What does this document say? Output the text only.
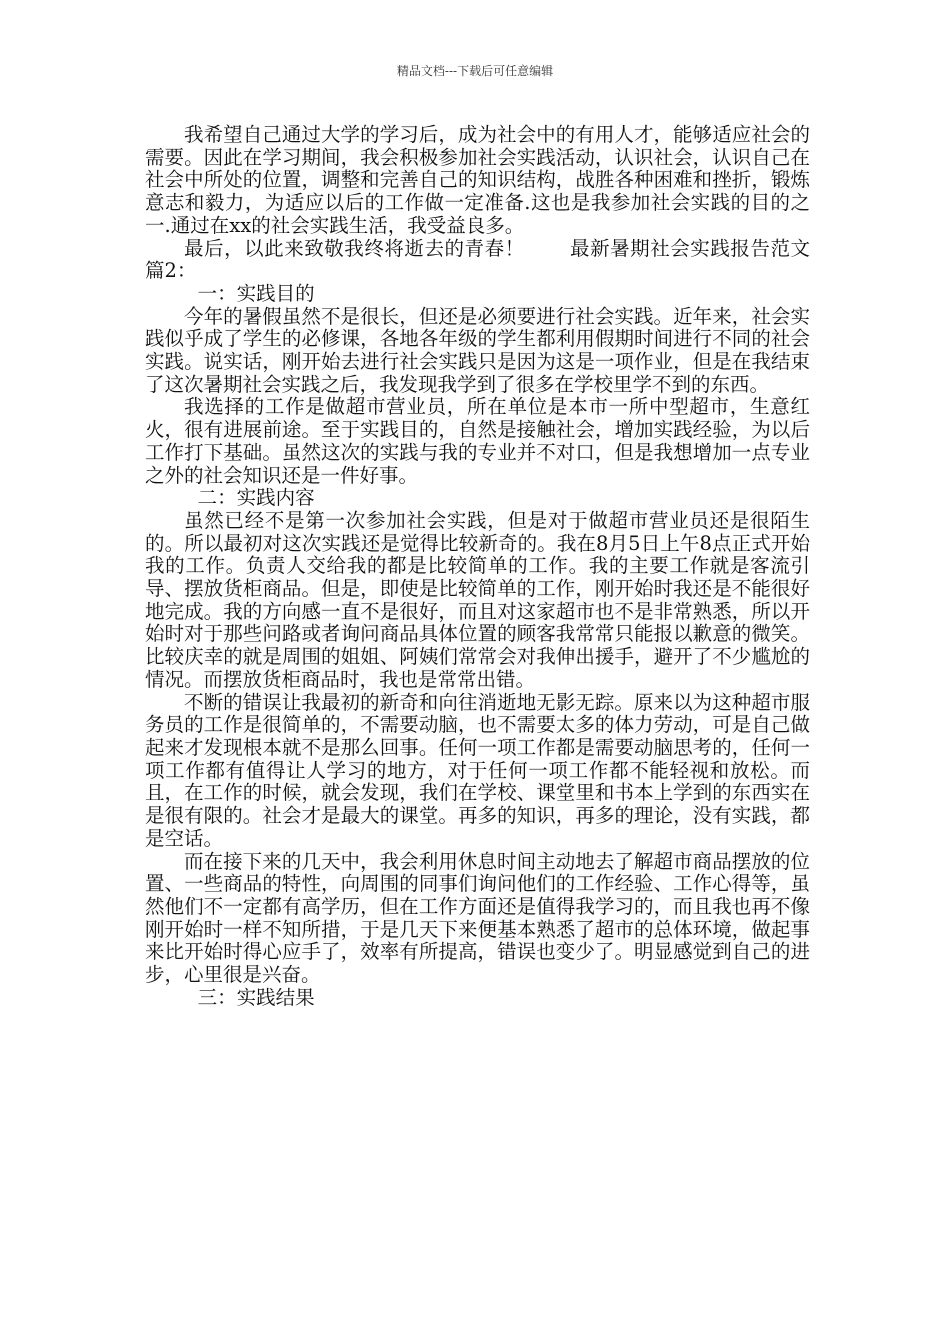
精品文档---下载后可任意编辑

我希望自己通过大学的学习后，成为社会中的有用人才，能够适应社会的需要。因此在学习期间，我会积极参加社会实践活动，认识社会，认识自己在社会中所处的位置，调整和完善自己的知识结构，战胜各种困难和挫折，锻炼意志和毅力，为适应以后的工作做一定准备.这也是我参加社会实践的目的之一.通过在xx的社会实践生活，我受益良多。

最后，以此来致敬我终将逝去的青春！ 最新暑期社会实践报告范文篇2：

一：实践目的

今年的暑假虽然不是很长，但还是必须要进行社会实践。近年来，社会实践似乎成了学生的必修课，各地各年级的学生都利用假期时间进行不同的社会实践。说实话，刚开始去进行社会实践只是因为这是一项作业，但是在我结束了这次暑期社会实践之后，我发现我学到了很多在学校里学不到的东西。

我选择的工作是做超市营业员，所在单位是本市一所中型超市，生意红火，很有进展前途。至于实践目的，自然是接触社会，增加实践经验，为以后工作打下基础。虽然这次的实践与我的专业并不对口，但是我想增加一点专业之外的社会知识还是一件好事。

二：实践内容

虽然已经不是第一次参加社会实践，但是对于做超市营业员还是很陌生的。所以最初对这次实践还是觉得比较新奇的。我在8月5日上午8点正式开始我的工作。负责人交给我的都是比较简单的工作。我的主要工作就是客流引导、摆放货柜商品。但是，即使是比较简单的工作，刚开始时我还是不能很好地完成。我的方向感一直不是很好，而且对这家超市也不是非常熟悉，所以开始时对于那些问路或者询问商品具体位置的顾客我常常只能报以歉意的微笑。比较庆幸的就是周围的姐姐、阿姨们常常会对我伸出援手，避开了不少尴尬的情况。而摆放货柜商品时，我也是常常出错。

不断的错误让我最初的新奇和向往消逝地无影无踪。原来以为这种超市服务员的工作是很简单的，不需要动脑，也不需要太多的体力劳动，可是自己做起来才发现根本就不是那么回事。任何一项工作都是需要动脑思考的，任何一项工作都有值得让人学习的地方，对于任何一项工作都不能轻视和放松。而且，在工作的时候，就会发现，我们在学校、课堂里和书本上学到的东西实在是很有限的。社会才是最大的课堂。再多的知识，再多的理论，没有实践，都是空话。

而在接下来的几天中，我会利用休息时间主动地去了解超市商品摆放的位置、一些商品的特性，向周围的同事们询问他们的工作经验、工作心得等，虽然他们不一定都有高学历，但在工作方面还是值得我学习的，而且我也再不像刚开始时一样不知所措，于是几天下来便基本熟悉了超市的总体环境，做起事来比开始时得心应手了，效率有所提高，错误也变少了。明显感觉到自己的进步，心里很是兴奋。

三：实践结果
